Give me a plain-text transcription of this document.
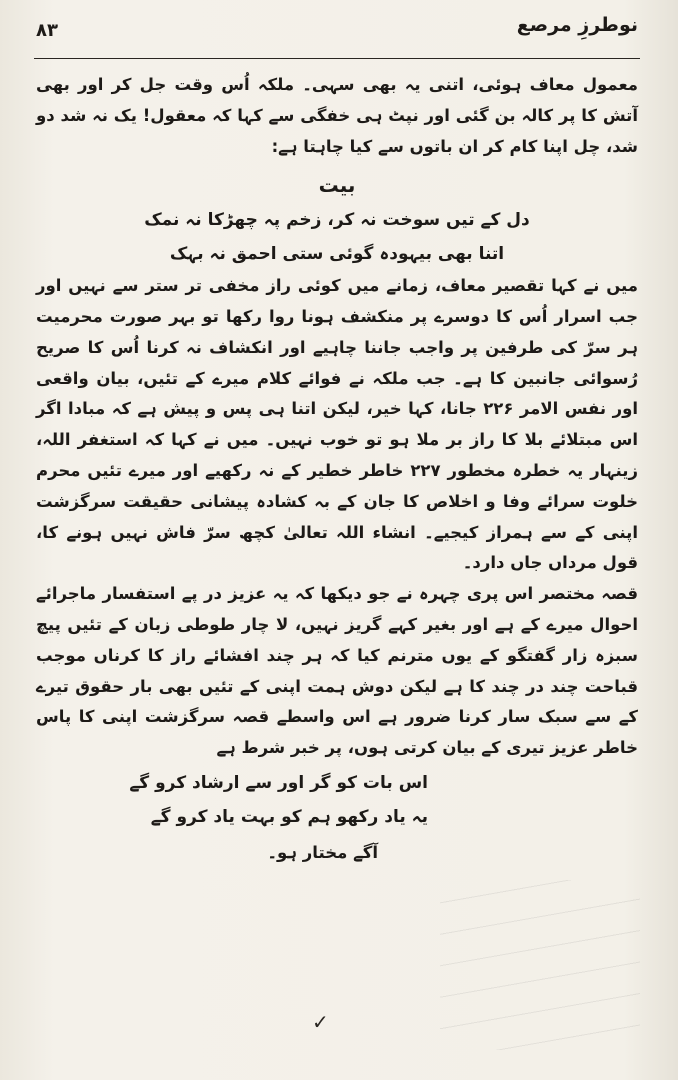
نوطرزِ مرصع
۸۳

معمول معاف ہوئی، اتنی یہ بھی سہی۔ ملکہ اُس وقت جل کر اور بھی آتش کا پر کالہ بن گئی اور نپٹ ہی خفگی سے کہا کہ معقول! یک نہ شد دو شد، چل اپنا کام کر ان باتوں سے کیا چاہتا ہے:

بیت
دل کے تیں سوخت نہ کر، زخم پہ چھڑکا نہ نمک
اتنا بھی بیہودہ گوئی ستی احمق نہ بہک

میں نے کہا تقصیر معاف، زمانے میں کوئی راز مخفی تر ستر سے نہیں اور جب اسرار اُس کا دوسرے پر منکشف ہونا روا رکھا تو بہر صورت محرمیت ہر سرّ کی طرفین پر واجب جاننا چاہیے اور انکشاف نہ کرنا اُس کا صریح رُسوائی جانبین کا ہے۔ جب ملکہ نے فوائے کلام میرے کے تئیں، بیان واقعی اور نفس الامر ۲۲۶ جانا، کہا خیر، لیکن اتنا ہی پس و پیش ہے کہ مبادا اگر اس مبتلائے بلا کا راز بر ملا ہو تو خوب نہیں۔ میں نے کہا کہ استغفر اللہ، زینہار یہ خطرہ مخطور ۲۲۷ خاطر خطیر کے نہ رکھیے اور میرے تئیں محرم خلوت سرائے وفا و اخلاص کا جان کے بہ کشادہ پیشانی حقیقت سرگزشت اپنی کے سے ہمراز کیجیے۔ انشاء اللہ تعالیٰ کچھ سرّ فاش نہیں ہونے کا، قول مرداں جاں دارد۔

قصہ مختصر اس پری چہرہ نے جو دیکھا کہ یہ عزیز در پے استفسار ماجرائے احوال میرے کے ہے اور بغیر کہے گریز نہیں، لا چار طوطی زبان کے تئیں پیچ سبزہ زار گفتگو کے یوں مترنم کیا کہ ہر چند افشائے راز کا کرناں موجب قباحت چند در چند کا ہے لیکن دوش ہمت اپنی کے تئیں بھی بار حقوق تیرے کے سے سبک سار کرنا ضرور ہے اس واسطے قصہ سرگزشت اپنی کا پاس خاطر عزیز تیری کے بیان کرتی ہوں، پر خبر شرط ہے

اس بات کو گر اور سے ارشاد کرو گے
یہ یاد رکھو ہم کو بہت یاد کرو گے

آگے مختار ہو۔

✓
